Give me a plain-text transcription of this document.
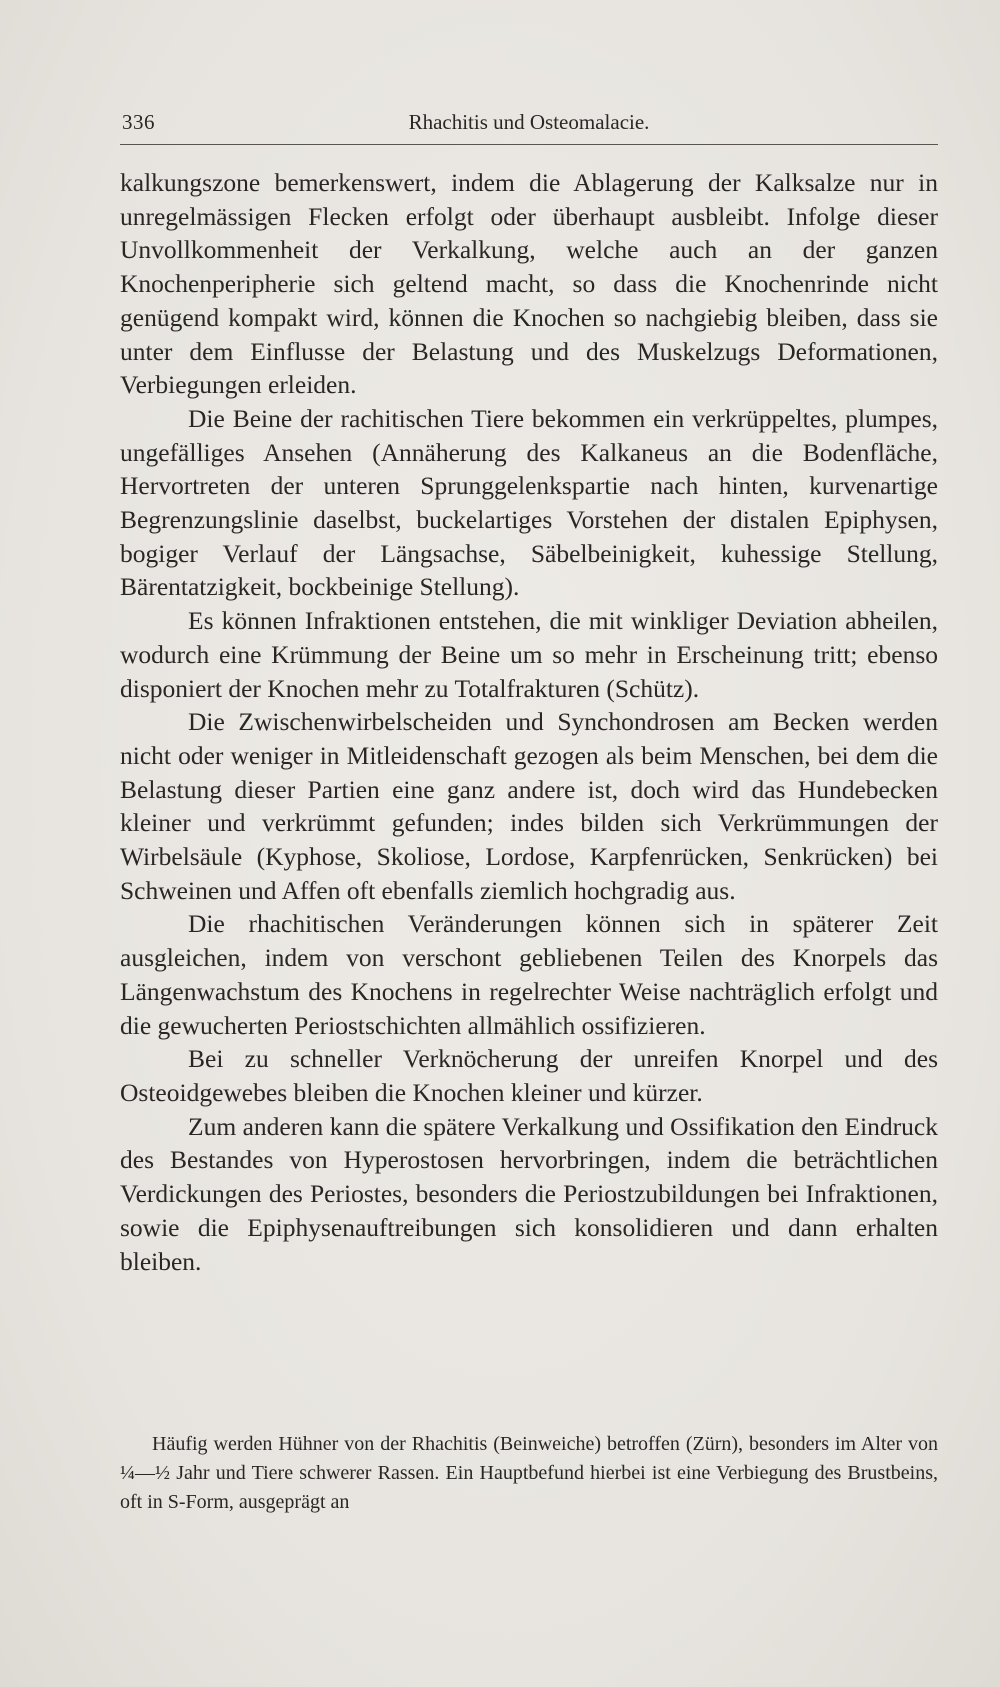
336	Rhachitis und Osteomalacie.

kalkungszone bemerkenswert, indem die Ablagerung der Kalksalze nur in unregelmässigen Flecken erfolgt oder überhaupt ausbleibt. Infolge dieser Unvollkommenheit der Verkalkung, welche auch an der ganzen Knochenperipherie sich geltend macht, so dass die Knochenrinde nicht genügend kompakt wird, können die Knochen so nachgiebig bleiben, dass sie unter dem Einflusse der Belastung und des Muskelzugs Deformationen, Verbiegungen erleiden.

Die Beine der rachitischen Tiere bekommen ein verkrüppeltes, plumpes, ungefälliges Ansehen (Annäherung des Kalkaneus an die Bodenfläche, Hervortreten der unteren Sprunggelenkspartie nach hinten, kurvenartige Begrenzungslinie daselbst, buckelartiges Vorstehen der distalen Epiphysen, bogiger Verlauf der Längsachse, Säbelbeinigkeit, kuhessige Stellung, Bärentatzigkeit, bockbeinige Stellung).

Es können Infraktionen entstehen, die mit winkliger Deviation abheilen, wodurch eine Krümmung der Beine um so mehr in Erscheinung tritt; ebenso disponiert der Knochen mehr zu Totalfrakturen (Schütz).

Die Zwischenwirbelscheiden und Synchondrosen am Becken werden nicht oder weniger in Mitleidenschaft gezogen als beim Menschen, bei dem die Belastung dieser Partien eine ganz andere ist, doch wird das Hundebecken kleiner und verkrümmt gefunden; indes bilden sich Verkrümmungen der Wirbelsäule (Kyphose, Skoliose, Lordose, Karpfenrücken, Senkrücken) bei Schweinen und Affen oft ebenfalls ziemlich hochgradig aus.

Die rhachitischen Veränderungen können sich in späterer Zeit ausgleichen, indem von verschont gebliebenen Teilen des Knorpels das Längenwachstum des Knochens in regelrechter Weise nachträglich erfolgt und die gewucherten Periostschichten allmählich ossifizieren.

Bei zu schneller Verknöcherung der unreifen Knorpel und des Osteoidgewebes bleiben die Knochen kleiner und kürzer.

Zum anderen kann die spätere Verkalkung und Ossifikation den Eindruck des Bestandes von Hyperostosen hervorbringen, indem die beträchtlichen Verdickungen des Periostes, besonders die Periostzubildungen bei Infraktionen, sowie die Epiphysenauftreibungen sich konsolidieren und dann erhalten bleiben.

Häufig werden Hühner von der Rhachitis (Beinweiche) betroffen (Zürn), besonders im Alter von ¼—½ Jahr und Tiere schwerer Rassen. Ein Hauptbefund hierbei ist eine Verbiegung des Brustbeins, oft in S-Form, ausgeprägt an
